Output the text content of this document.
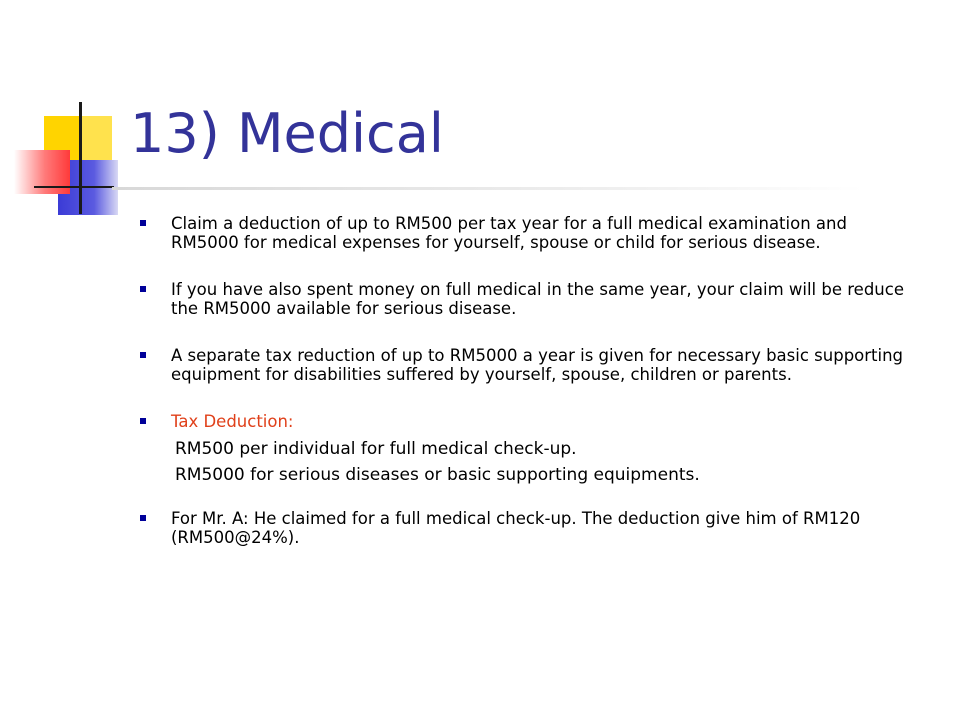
13) Medical
Claim a deduction of up to RM500 per tax year for a full medical examination and RM5000 for medical expenses for yourself, spouse or child for serious disease.
If you have also spent money on full medical in the same year, your claim will be reduce the RM5000 available for serious disease.
A separate tax reduction of up to RM5000 a year is given for necessary basic supporting equipment for disabilities suffered by yourself, spouse, children or parents.
Tax Deduction:
RM500 per individual for full medical check-up.
RM5000 for serious diseases or basic supporting equipments.
For Mr. A: He claimed for a full medical check-up. The deduction give him of RM120 (RM500@24%).
